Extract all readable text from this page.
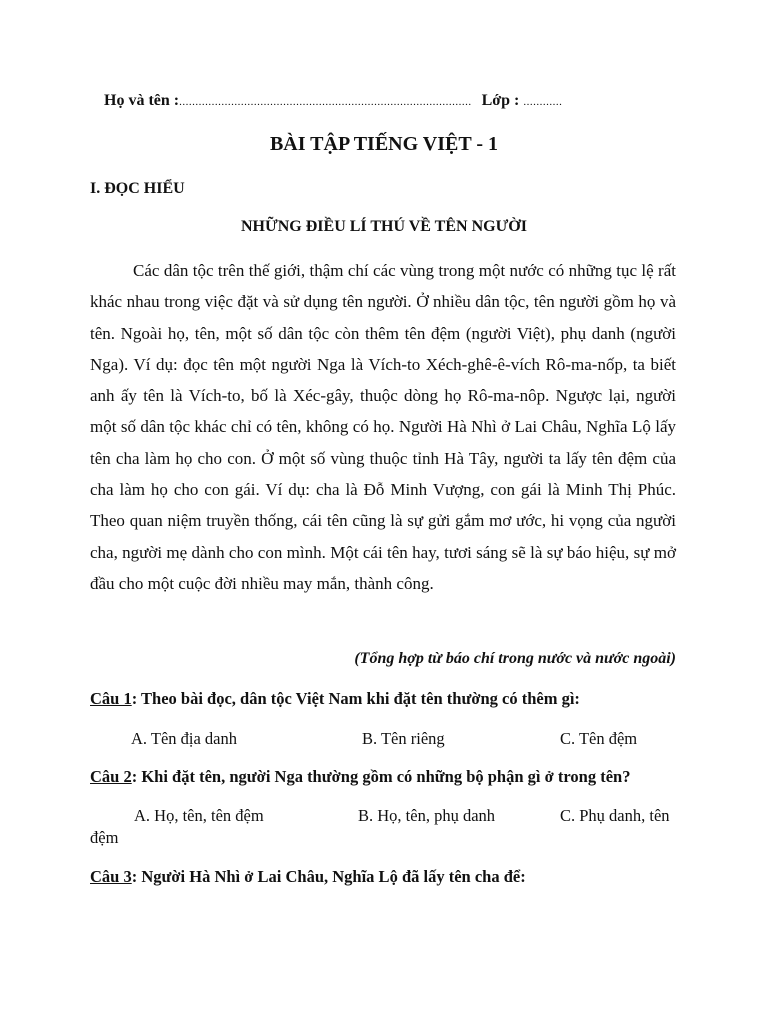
Họ và tên :.......................................................................................... Lớp : ............
BÀI TẬP TIẾNG VIỆT - 1
I. ĐỌC HIỂU
NHỮNG ĐIỀU LÍ THÚ VỀ TÊN NGƯỜI

Các dân tộc trên thế giới, thậm chí các vùng trong một nước có những tục lệ rất khác nhau trong việc đặt và sử dụng tên người. Ở nhiều dân tộc, tên người gồm họ và tên. Ngoài họ, tên, một số dân tộc còn thêm tên đệm (người Việt), phụ danh (người Nga). Ví dụ: đọc tên một người Nga là Vích-to Xéch-ghê-ê-vích Rô-ma-nốp, ta biết anh ấy tên là Vích-to, bố là Xéc-gây, thuộc dòng họ Rô-ma-nôp. Ngược lại, người một số dân tộc khác chỉ có tên, không có họ. Người Hà Nhì ở Lai Châu, Nghĩa Lộ lấy tên cha làm họ cho con. Ở một số vùng thuộc tỉnh Hà Tây, người ta lấy tên đệm của cha làm họ cho con gái. Ví dụ: cha là Đỗ Minh Vượng, con gái là Minh Thị Phúc. Theo quan niệm truyền thống, cái tên cũng là sự gửi gắm mơ ước, hi vọng của người cha, người mẹ dành cho con mình. Một cái tên hay, tươi sáng sẽ là sự báo hiệu, sự mở đầu cho một cuộc đời nhiều may mắn, thành công.

(Tổng hợp từ báo chí trong nước và nước ngoài)
Câu 1: Theo bài đọc, dân tộc Việt Nam khi đặt tên thường có thêm gì:
A. Tên địa danh	B. Tên riêng	C. Tên đệm
Câu 2: Khi đặt tên, người Nga thường gồm có những bộ phận gì ở trong tên?
A. Họ, tên, tên đệm	B. Họ, tên, phụ danh	C. Phụ danh, tên
đệm
Câu 3: Người Hà Nhì ở Lai Châu, Nghĩa Lộ đã lấy tên cha để:
